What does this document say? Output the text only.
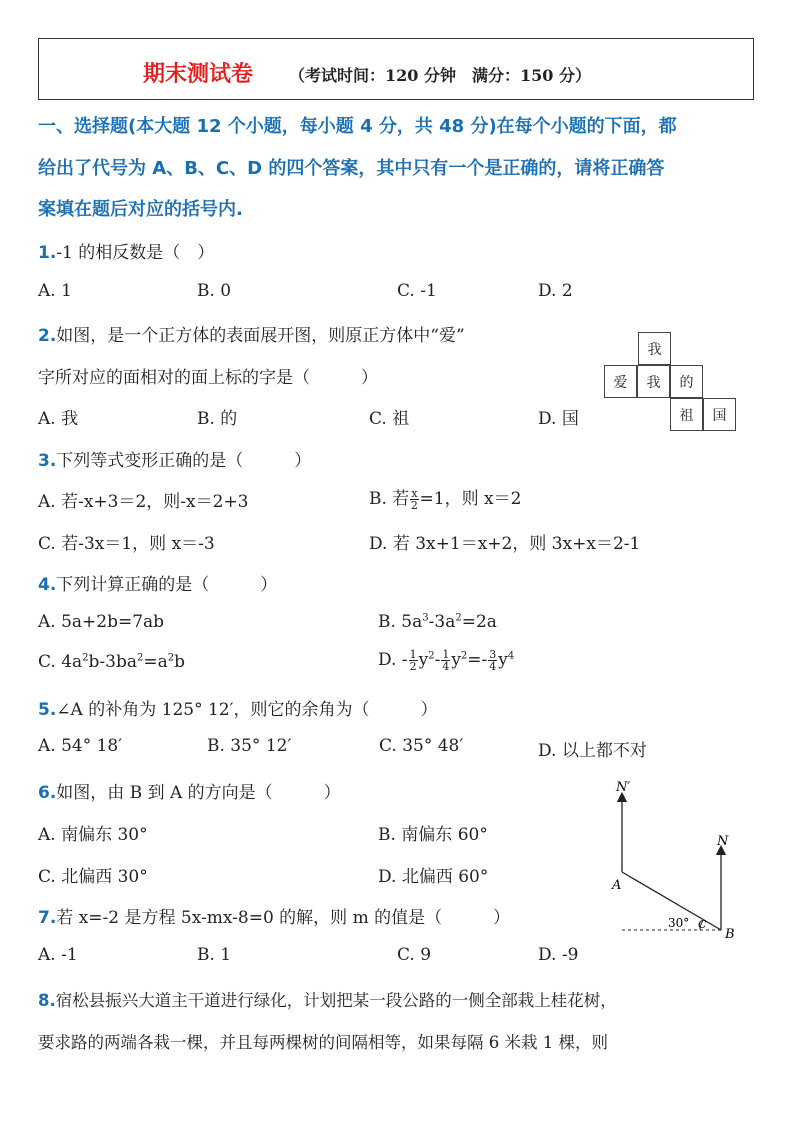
期末测试卷 （考试时间：120 分钟　满分：150 分）
一、选择题(本大题 12 个小题，每小题 4 分，共 48 分)在每个小题的下面，都
给出了代号为 A、B、C、D 的四个答案，其中只有一个是正确的，请将正确答
案填在题后对应的括号内.
1.-1 的相反数是（　）
A. 1	B. 0	C. -1	D. 2
2.如图，是一个正方体的表面展开图，则原正方体中“爱”
字所对应的面相对的面上标的字是（　　　）
A. 我	B. 的	C. 祖	D. 国
我
爱	我	的
祖	国
3.下列等式变形正确的是（　　　）
A. 若-x+3＝2，则-x＝2+3	B. 若 $\frac{x}{2} =1$，则 x＝2
C. 若-3x＝1，则 x＝-3	D. 若 3x+1＝x+2，则 3x+x＝2-1
4.下列计算正确的是（　　　）
A. 5a+2b=7ab	B. $5a^3-3a^2=2a$
C. $4a^2b-3ba^2=a^2b$	D. - $\frac{1}{2} y^2- \frac{1}{4} y^2=- \frac{3}{4} y^4$
5.∠A 的补角为 125° 12′，则它的余角为（　　　）
A. 54° 18′	B. 35° 12′	C. 35° 48′	D. 以上都不对
6.如图，由 B 到 A 的方向是（　　　）
A. 南偏东 30°	B. 南偏东 60°
C. 北偏西 30°	D. 北偏西 60°
N′
N
A
B
C
30°
7.若 x=-2 是方程 5x-mx-8=0 的解，则 m 的值是（　　　）
A. -1	B. 1	C. 9	D. -9
8.宿松县振兴大道主干道进行绿化，计划把某一段公路的一侧全部栽上桂花树，
要求路的两端各栽一棵，并且每两棵树的间隔相等，如果每隔 6 米栽 1 棵，则
